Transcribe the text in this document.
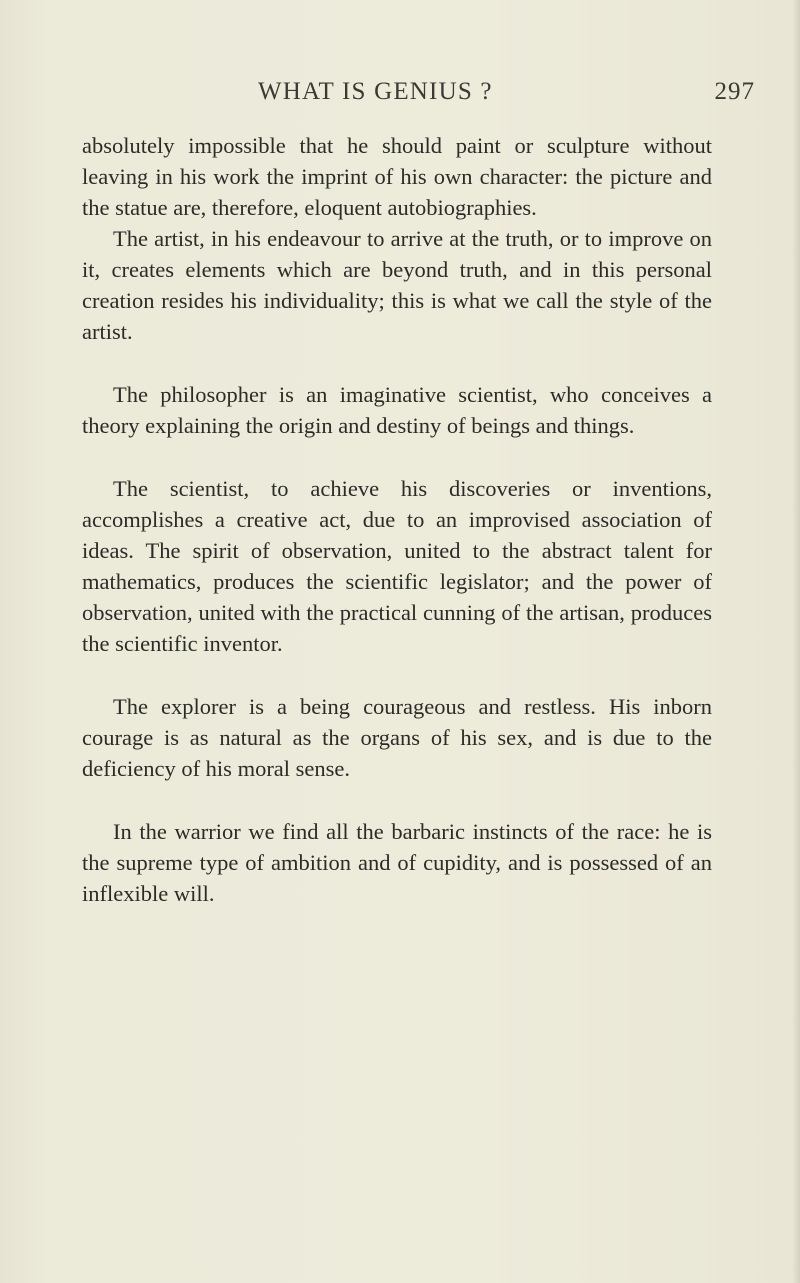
WHAT IS GENIUS ?	297

absolutely impossible that he should paint or sculpture without leaving in his work the imprint of his own character: the picture and the statue are, therefore, eloquent autobiographies.

The artist, in his endeavour to arrive at the truth, or to improve on it, creates elements which are beyond truth, and in this personal creation resides his individuality; this is what we call the style of the artist.

The philosopher is an imaginative scientist, who conceives a theory explaining the origin and destiny of beings and things.

The scientist, to achieve his discoveries or inventions, accomplishes a creative act, due to an improvised association of ideas. The spirit of observation, united to the abstract talent for mathematics, produces the scientific legislator; and the power of observation, united with the practical cunning of the artisan, produces the scientific inventor.

The explorer is a being courageous and restless. His inborn courage is as natural as the organs of his sex, and is due to the deficiency of his moral sense.

In the warrior we find all the barbaric instincts of the race: he is the supreme type of ambition and of cupidity, and is possessed of an inflexible will.
